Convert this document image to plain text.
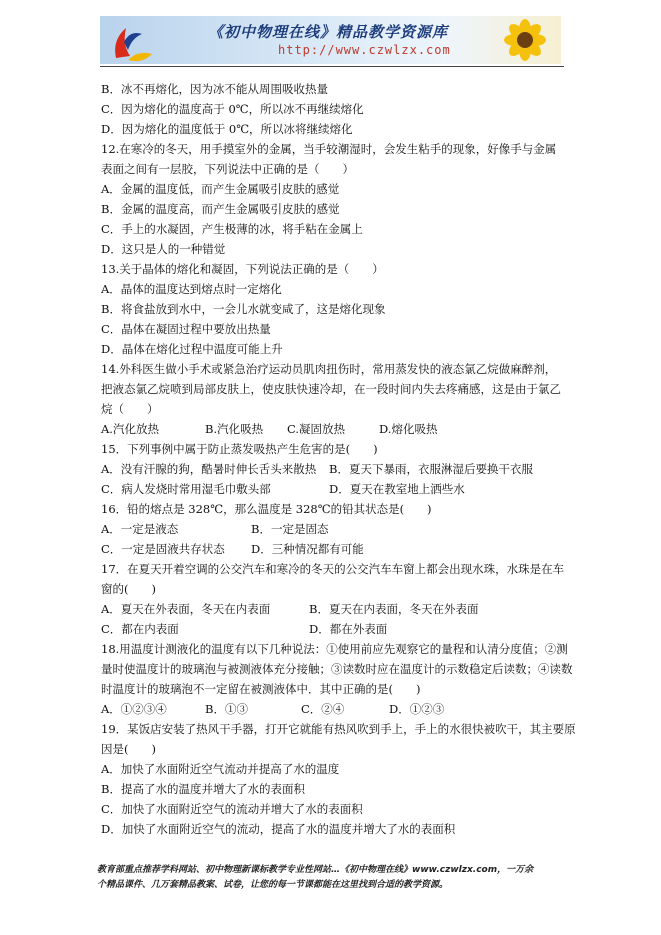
《初中物理在线》精品教学资源库
http://www.czwlzx.com
B．冰不再熔化，因为冰不能从周围吸收热量
C．因为熔化的温度高于 0℃，所以冰不再继续熔化
D．因为熔化的温度低于 0℃，所以冰将继续熔化
12.在寒冷的冬天，用手摸室外的金属，当手较潮湿时，会发生粘手的现象，好像手与金属
表面之间有一层胶，下列说法中正确的是（　　）
A．金属的温度低，而产生金属吸引皮肤的感觉
B．金属的温度高，而产生金属吸引皮肤的感觉
C．手上的水凝固，产生极薄的冰，将手粘在金属上
D．这只是人的一种错觉
13.关于晶体的熔化和凝固，下列说法正确的是（　　）
A．晶体的温度达到熔点时一定熔化
B．将食盐放到水中，一会儿水就变咸了，这是熔化现象
C．晶体在凝固过程中要放出热量
D．晶体在熔化过程中温度可能上升
14.外科医生做小手术或紧急治疗运动员肌肉扭伤时，常用蒸发快的液态氯乙烷做麻醉剂，
把液态氯乙烷喷到局部皮肤上，使皮肤快速冷却，在一段时间内失去疼痛感，这是由于氯乙
烷（　　）
A.汽化放热	B.汽化吸热 C.凝固放热	D.熔化吸热
15．下列事例中属于防止蒸发吸热产生危害的是(　　)
A．没有汗腺的狗，酷暑时伸长舌头来散热 B．夏天下暴雨，衣服淋湿后要换干衣服
C．病人发烧时常用湿毛巾敷头部	D．夏天在教室地上洒些水
16．铅的熔点是 328℃，那么温度是 328℃的铅其状态是(　　)
A．一定是液态	B．一定是固态
C．一定是固液共存状态 D．三种情况都有可能
17．在夏天开着空调的公交汽车和寒冷的冬天的公交汽车车窗上都会出现水珠，水珠是在车
窗的(　　)
A．夏天在外表面，冬天在内表面	B．夏天在内表面，冬天在外表面
C．都在内表面	D．都在外表面
18.用温度计测液化的温度有以下几种说法：①使用前应先观察它的量程和认清分度值；②测
量时使温度计的玻璃泡与被测液体充分接触；③读数时应在温度计的示数稳定后读数；④读数
时温度计的玻璃泡不一定留在被测液体中．其中正确的是(　　)
A．①②③④	B．①③	C．②④	D．①②③
19．某饭店安装了热风干手器，打开它就能有热风吹到手上，手上的水很快被吹干，其主要原
因是(　　)
A．加快了水面附近空气流动并提高了水的温度
B．提高了水的温度并增大了水的表面积
C．加快了水面附近空气的流动并增大了水的表面积
D．加快了水面附近空气的流动，提高了水的温度并增大了水的表面积
教育部重点推荐学科网站、初中物理新课标教学专业性网站…《初中物理在线》www.czwlzx.com，一万余
个精品课件、几万套精品教案、试卷，让您的每一节课都能在这里找到合适的教学资源。
